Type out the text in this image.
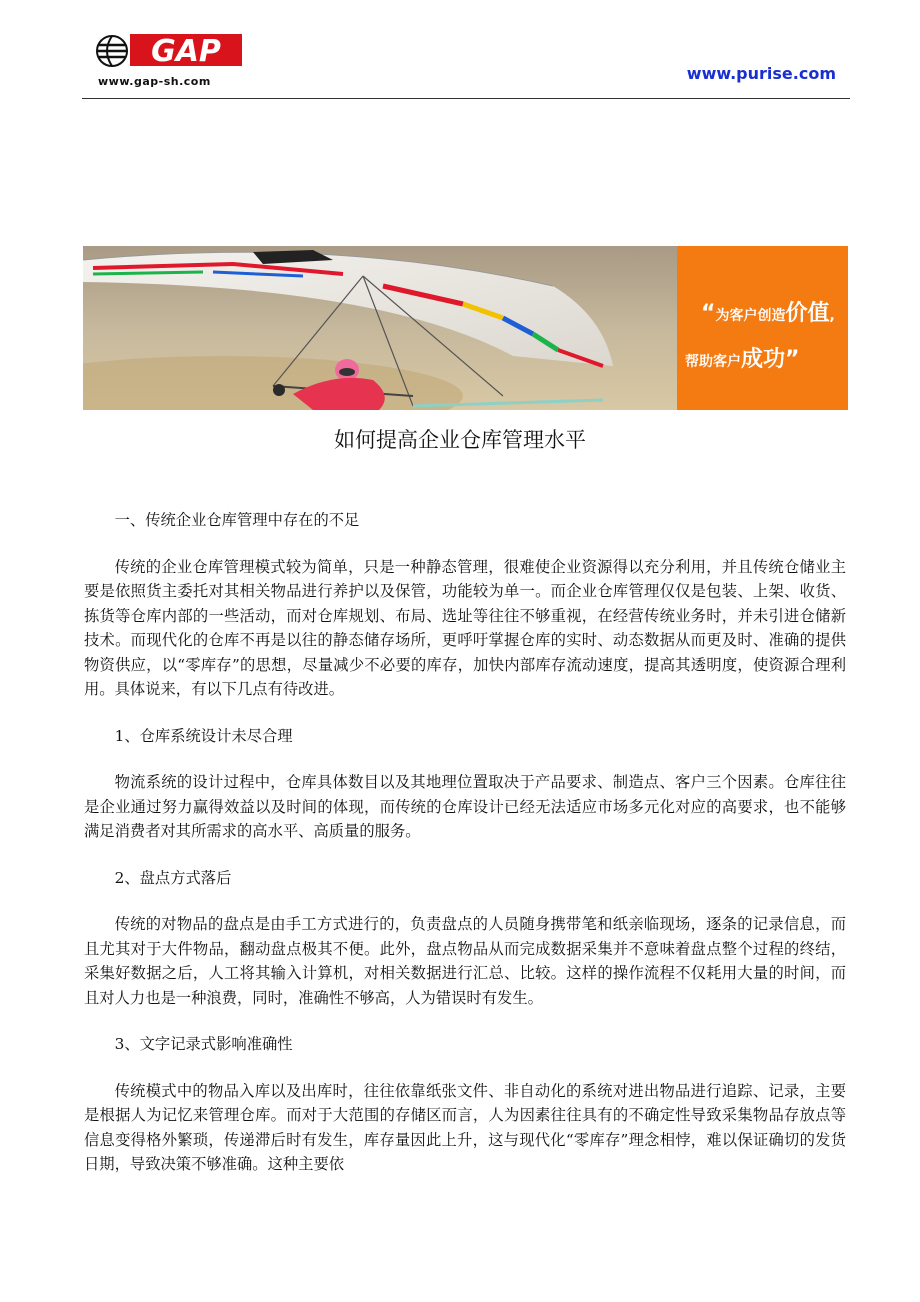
GAP
www.gap-sh.com	www.purise.com
“为客户创造价值,
帮助客户成功”
如何提高企业仓库管理水平
一、传统企业仓库管理中存在的不足

传统的企业仓库管理模式较为简单，只是一种静态管理，很难使企业资源得以充分利用，并且传统仓储业主要是依照货主委托对其相关物品进行养护以及保管，功能较为单一。而企业仓库管理仅仅是包装、上架、收货、拣货等仓库内部的一些活动，而对仓库规划、布局、选址等往往不够重视，在经营传统业务时，并未引进仓储新技术。而现代化的仓库不再是以往的静态储存场所，更呼吁掌握仓库的实时、动态数据从而更及时、准确的提供物资供应，以“零库存”的思想，尽量减少不必要的库存，加快内部库存流动速度，提高其透明度，使资源合理利用。具体说来，有以下几点有待改进。

1、仓库系统设计未尽合理

物流系统的设计过程中，仓库具体数目以及其地理位置取决于产品要求、制造点、客户三个因素。仓库往往是企业通过努力赢得效益以及时间的体现，而传统的仓库设计已经无法适应市场多元化对应的高要求，也不能够满足消费者对其所需求的高水平、高质量的服务。

2、盘点方式落后

传统的对物品的盘点是由手工方式进行的，负责盘点的人员随身携带笔和纸亲临现场，逐条的记录信息，而且尤其对于大件物品，翻动盘点极其不便。此外，盘点物品从而完成数据采集并不意味着盘点整个过程的终结，采集好数据之后，人工将其输入计算机，对相关数据进行汇总、比较。这样的操作流程不仅耗用大量的时间，而且对人力也是一种浪费，同时，准确性不够高，人为错误时有发生。

3、文字记录式影响准确性

传统模式中的物品入库以及出库时，往往依靠纸张文件、非自动化的系统对进出物品进行追踪、记录，主要是根据人为记忆来管理仓库。而对于大范围的存储区而言，人为因素往往具有的不确定性导致采集物品存放点等信息变得格外繁琐，传递滞后时有发生，库存量因此上升，这与现代化“零库存”理念相悖，难以保证确切的发货日期，导致决策不够准确。这种主要依
